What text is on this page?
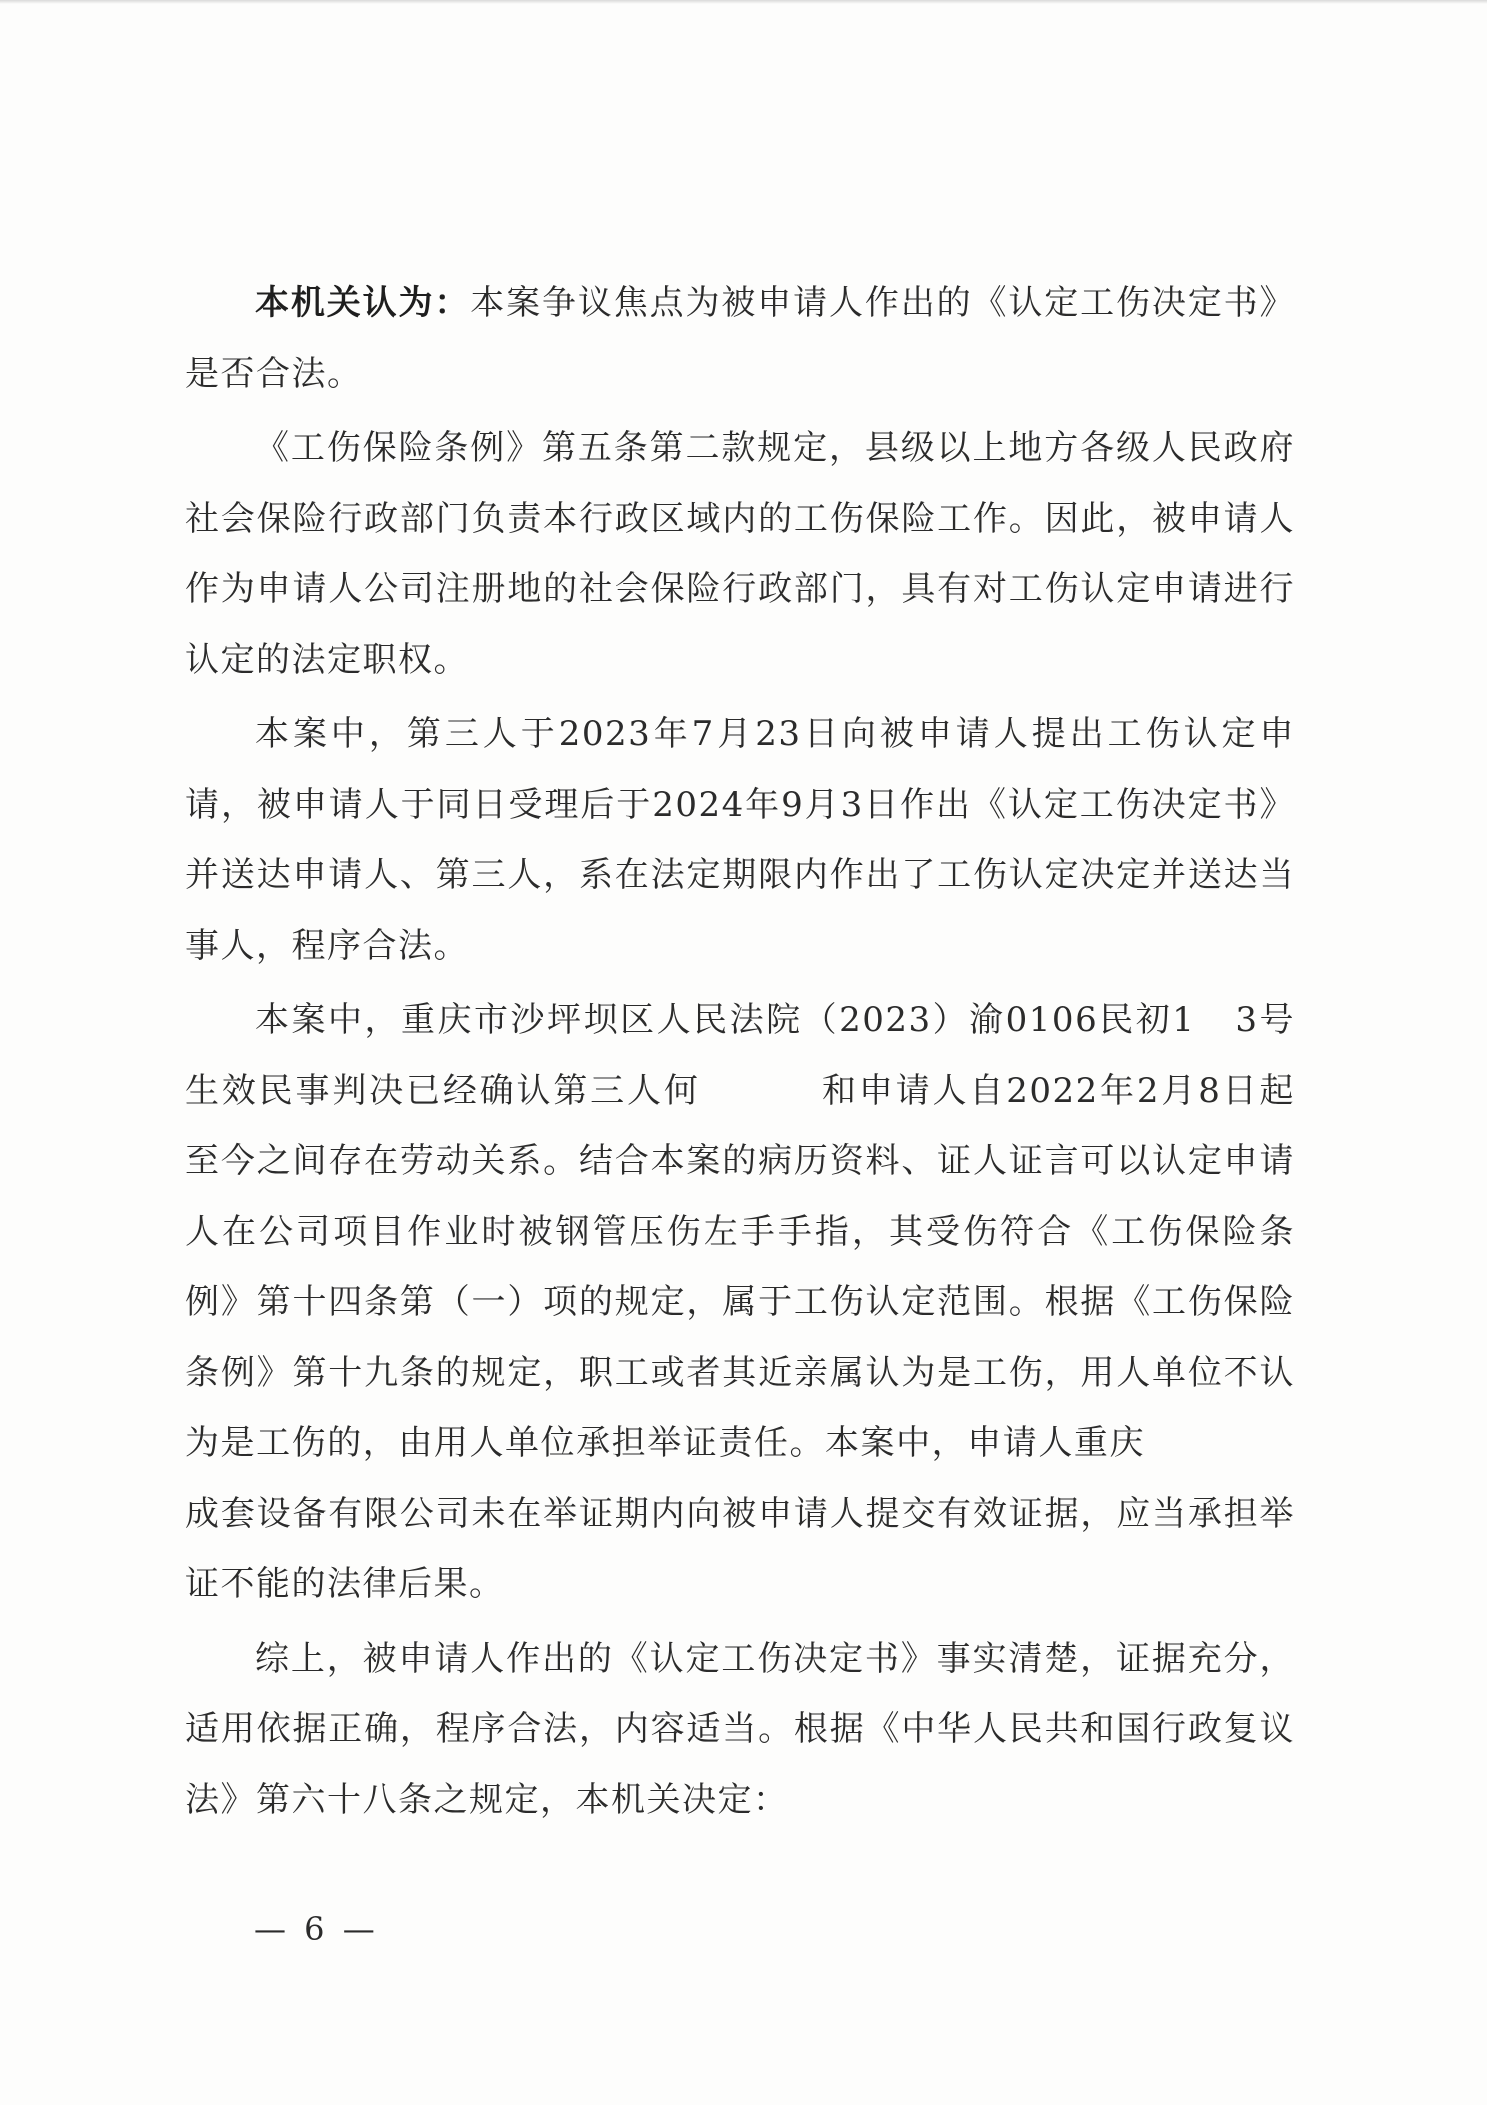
本机关认为：本案争议焦点为被申请人作出的《认定工伤决定书》是否合法。

《工伤保险条例》第五条第二款规定，县级以上地方各级人民政府社会保险行政部门负责本行政区域内的工伤保险工作。因此，被申请人作为申请人公司注册地的社会保险行政部门，具有对工伤认定申请进行认定的法定职权。

本案中，第三人于2023年7月23日向被申请人提出工伤认定申请，被申请人于同日受理后于2024年9月3日作出《认定工伤决定书》并送达申请人、第三人，系在法定期限内作出了工伤认定决定并送达当事人，程序合法。

本案中，重庆市沙坪坝区人民法院（2023）渝0106民初1 3号生效民事判决已经确认第三人何	和申请人自2022年2月8日起至今之间存在劳动关系。结合本案的病历资料、证人证言可以认定申请人在公司项目作业时被钢管压伤左手手指，其受伤符合《工伤保险条例》第十四条第（一）项的规定，属于工伤认定范围。根据《工伤保险条例》第十九条的规定，职工或者其近亲属认为是工伤，用人单位不认为是工伤的，由用人单位承担举证责任。本案中，申请人重庆成套设备有限公司未在举证期内向被申请人提交有效证据，应当承担举证不能的法律后果。

综上，被申请人作出的《认定工伤决定书》事实清楚，证据充分，适用依据正确，程序合法，内容适当。根据《中华人民共和国行政复议法》第六十八条之规定，本机关决定：

— 6 —
